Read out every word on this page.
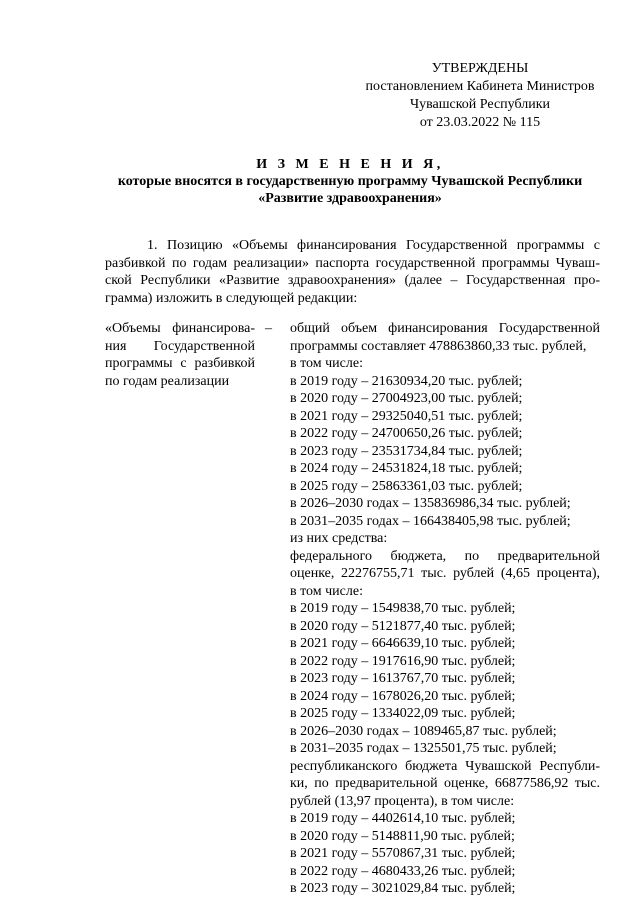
УТВЕРЖДЕНЫ
постановлением Кабинета Министров
Чувашской Республики
от 23.03.2022 № 115
И З М Е Н Е Н И Я,
которые вносятся в государственную программу Чувашской Республики
«Развитие здравоохранения»
1. Позицию «Объемы финансирования Государственной программы с
разбивкой по годам реализации» паспорта государственной программы Чуваш-
ской Республики «Развитие здравоохранения» (далее – Государственная про-
грамма) изложить в следующей редакции:
«Объемы финансирова-
ния Государственной
программы с разбивкой
по годам реализации
– общий объем финансирования Государственной
программы составляет 478863860,33 тыс. рублей,
в том числе:
в 2019 году – 21630934,20 тыс. рублей;
в 2020 году – 27004923,00 тыс. рублей;
в 2021 году – 29325040,51 тыс. рублей;
в 2022 году – 24700650,26 тыс. рублей;
в 2023 году – 23531734,84 тыс. рублей;
в 2024 году – 24531824,18 тыс. рублей;
в 2025 году – 25863361,03 тыс. рублей;
в 2026–2030 годах – 135836986,34 тыс. рублей;
в 2031–2035 годах – 166438405,98 тыс. рублей;
из них средства:
федерального бюджета, по предварительной
оценке, 22276755,71 тыс. рублей (4,65 процента),
в том числе:
в 2019 году – 1549838,70 тыс. рублей;
в 2020 году – 5121877,40 тыс. рублей;
в 2021 году – 6646639,10 тыс. рублей;
в 2022 году – 1917616,90 тыс. рублей;
в 2023 году – 1613767,70 тыс. рублей;
в 2024 году – 1678026,20 тыс. рублей;
в 2025 году – 1334022,09 тыс. рублей;
в 2026–2030 годах – 1089465,87 тыс. рублей;
в 2031–2035 годах – 1325501,75 тыс. рублей;
республиканского бюджета Чувашской Республи-
ки, по предварительной оценке, 66877586,92 тыс.
рублей (13,97 процента), в том числе:
в 2019 году – 4402614,10 тыс. рублей;
в 2020 году – 5148811,90 тыс. рублей;
в 2021 году – 5570867,31 тыс. рублей;
в 2022 году – 4680433,26 тыс. рублей;
в 2023 году – 3021029,84 тыс. рублей;
